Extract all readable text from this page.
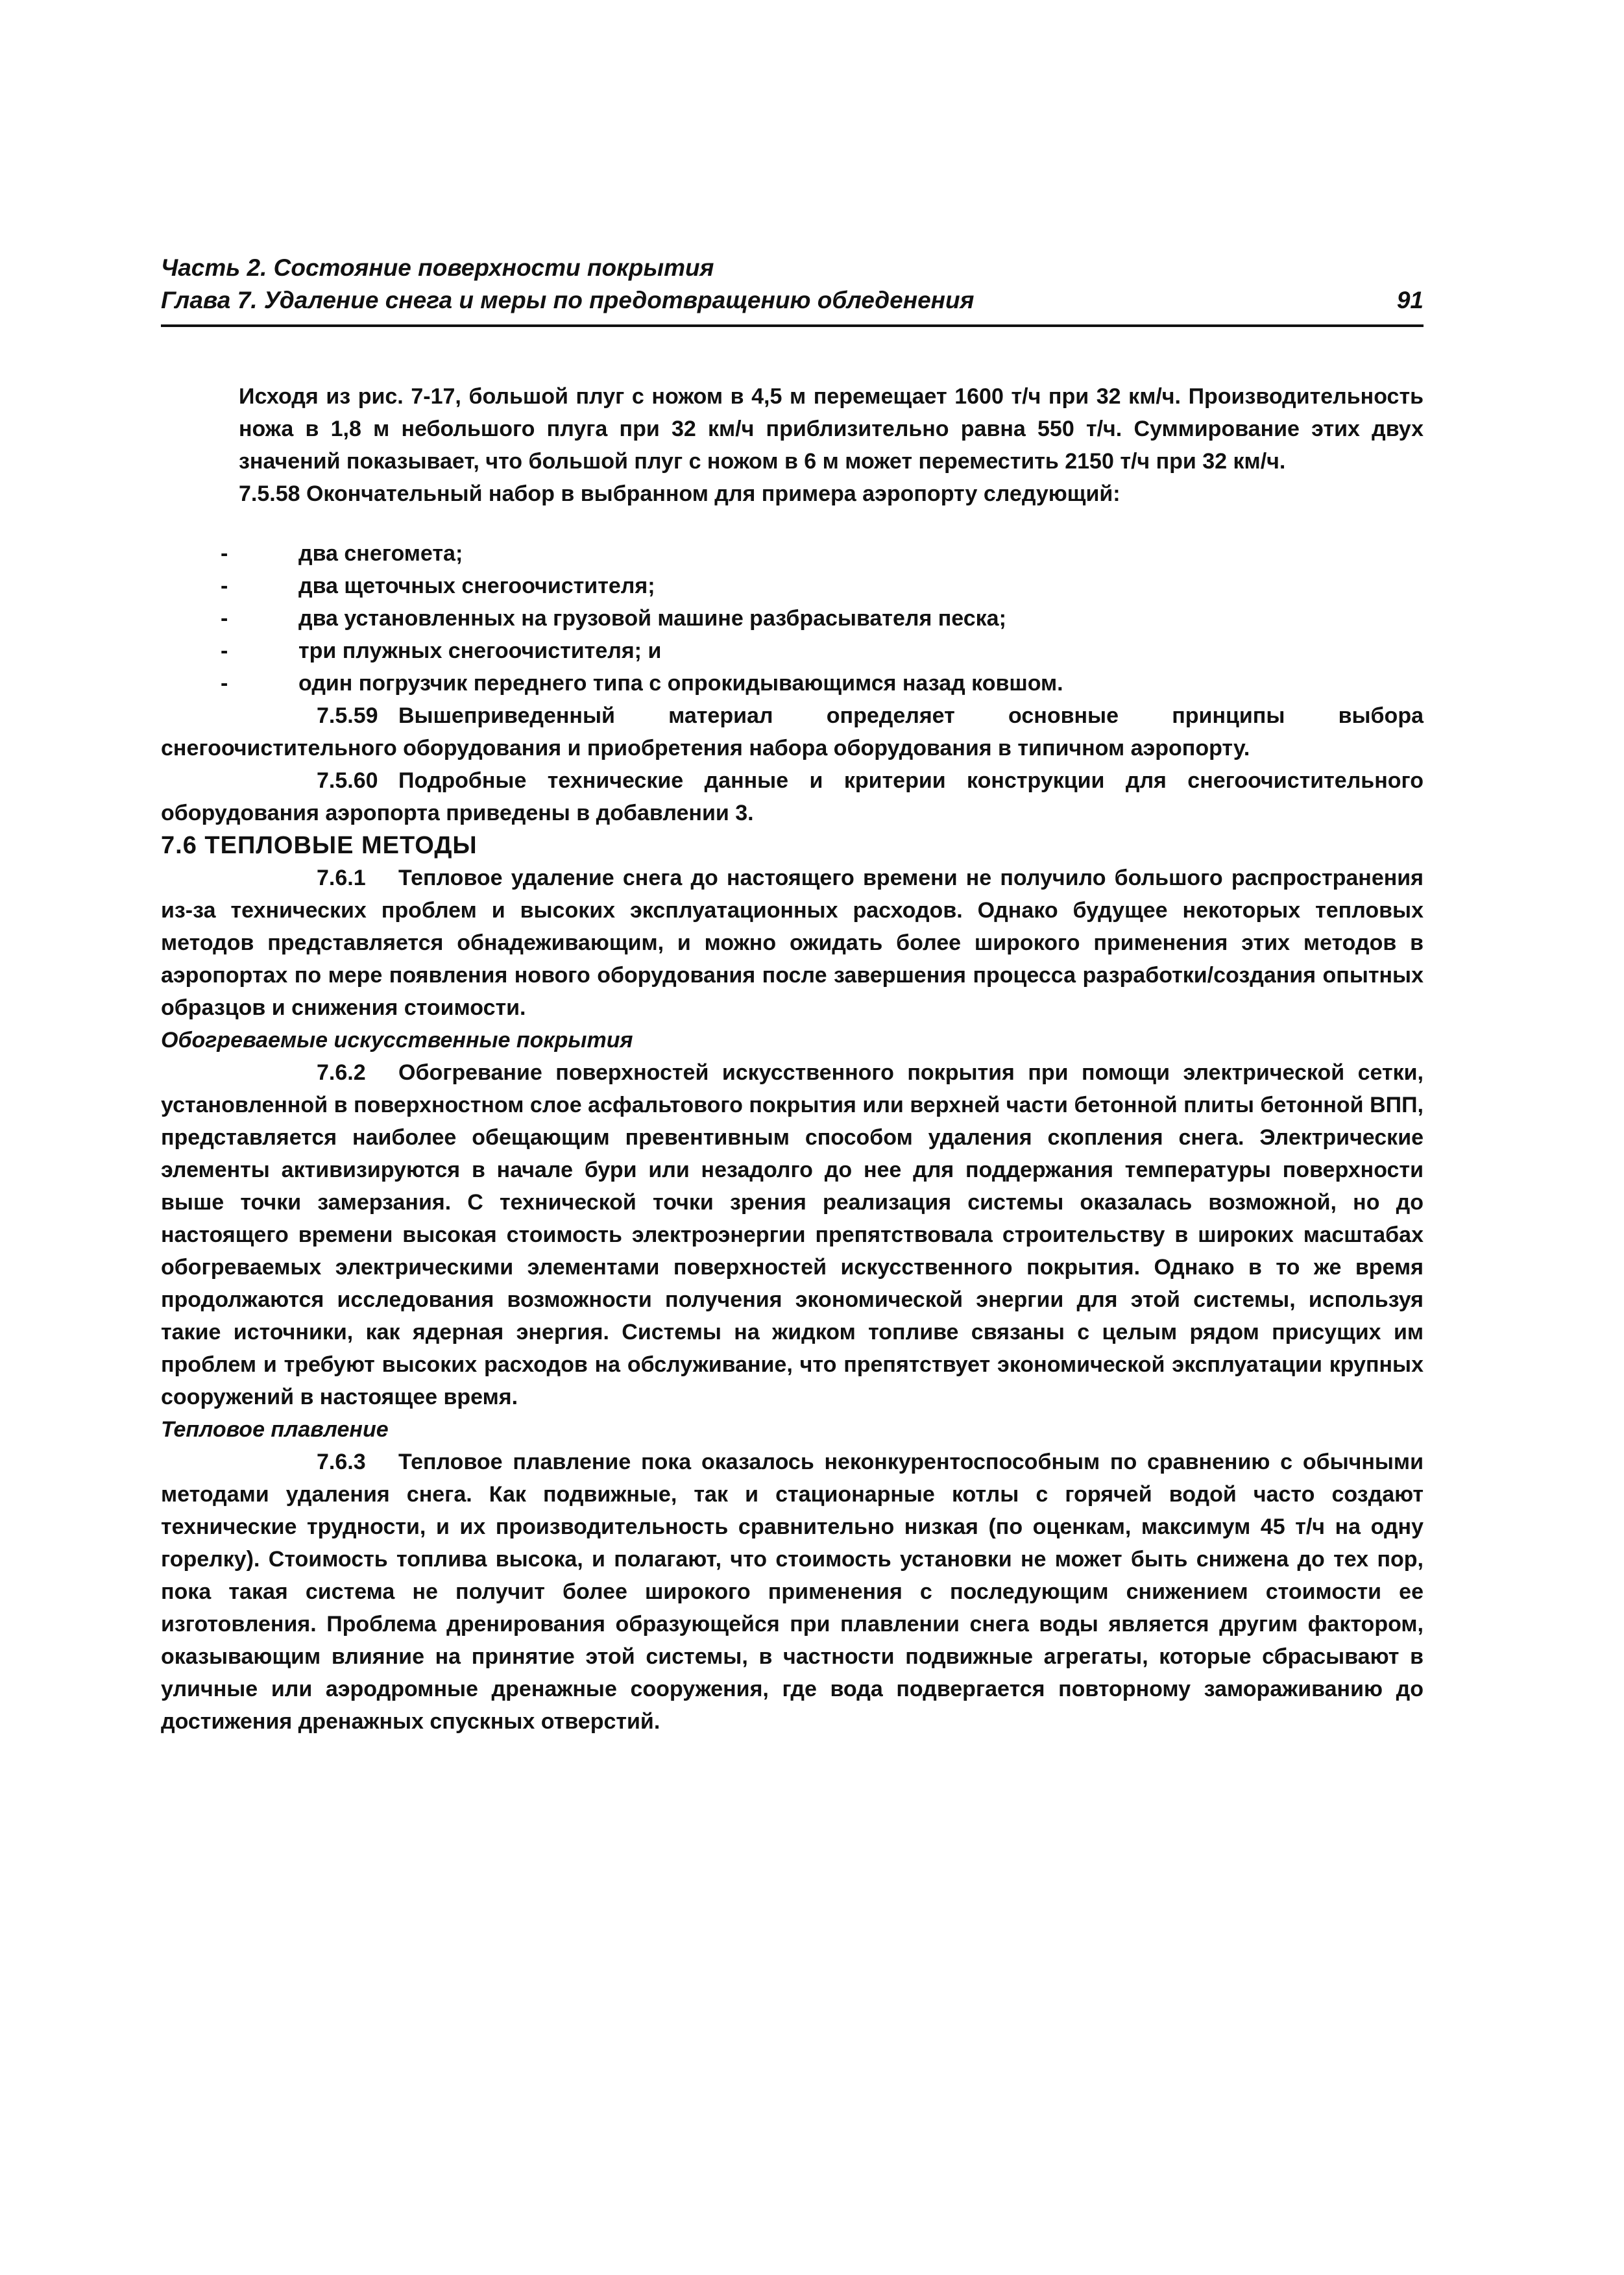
Часть 2. Состояние поверхности покрытия
Глава 7. Удаление снега и меры по предотвращению обледенения	91

Исходя из рис. 7-17, большой плуг с ножом в 4,5 м перемещает 1600 т/ч при 32 км/ч. Производительность ножа в 1,8 м небольшого плуга при 32 км/ч приблизительно равна 550 т/ч. Суммирование этих двух значений показывает, что большой плуг с ножом в 6 м может переместить 2150 т/ч при 32 км/ч.

7.5.58 Окончательный набор в выбранном для примера аэропорту следующий:

-	два снегомета;
-	два щеточных снегоочистителя;
-	два установленных на грузовой машине разбрасывателя песка;
-	три плужных снегоочистителя; и
-	один погрузчик переднего типа с опрокидывающимся назад ковшом.

7.5.59 Вышеприведенный материал определяет основные принципы выбора снегоочистительного оборудования и приобретения набора оборудования в типичном аэропорту.

7.5.60 Подробные технические данные и критерии конструкции для снегоочистительного оборудования аэропорта приведены в добавлении 3.

7.6 ТЕПЛОВЫЕ МЕТОДЫ

7.6.1 Тепловое удаление снега до настоящего времени не получило большого распространения из-за технических проблем и высоких эксплуатационных расходов. Однако будущее некоторых тепловых методов представляется обнадеживающим, и можно ожидать более широкого применения этих методов в аэропортах по мере появления нового оборудования после завершения процесса разработки/создания опытных образцов и снижения стоимости.

Обогреваемые искусственные покрытия

7.6.2 Обогревание поверхностей искусственного покрытия при помощи электрической сетки, установленной в поверхностном слое асфальтового покрытия или верхней части бетонной плиты бетонной ВПП, представляется наиболее обещающим превентивным способом удаления скопления снега. Электрические элементы активизируются в начале бури или незадолго до нее для поддержания температуры поверхности выше точки замерзания. С технической точки зрения реализация системы оказалась возможной, но до настоящего времени высокая стоимость электроэнергии препятствовала строительству в широких масштабах обогреваемых электрическими элементами поверхностей искусственного покрытия. Однако в то же время продолжаются исследования возможности получения экономической энергии для этой системы, используя такие источники, как ядерная энергия. Системы на жидком топливе связаны с целым рядом присущих им проблем и требуют высоких расходов на обслуживание, что препятствует экономической эксплуатации крупных сооружений в настоящее время.

Тепловое плавление

7.6.3 Тепловое плавление пока оказалось неконкурентоспособным по сравнению с обычными методами удаления снега. Как подвижные, так и стационарные котлы с горячей водой часто создают технические трудности, и их производительность сравнительно низкая (по оценкам, максимум 45 т/ч на одну горелку). Стоимость топлива высока, и полагают, что стоимость установки не может быть снижена до тех пор, пока такая система не получит более широкого применения с последующим снижением стоимости ее изготовления. Проблема дренирования образующейся при плавлении снега воды является другим фактором, оказывающим влияние на принятие этой системы, в частности подвижные агрегаты, которые сбрасывают в уличные или аэродромные дренажные сооружения, где вода подвергается повторному замораживанию до достижения дренажных спускных отверстий.
